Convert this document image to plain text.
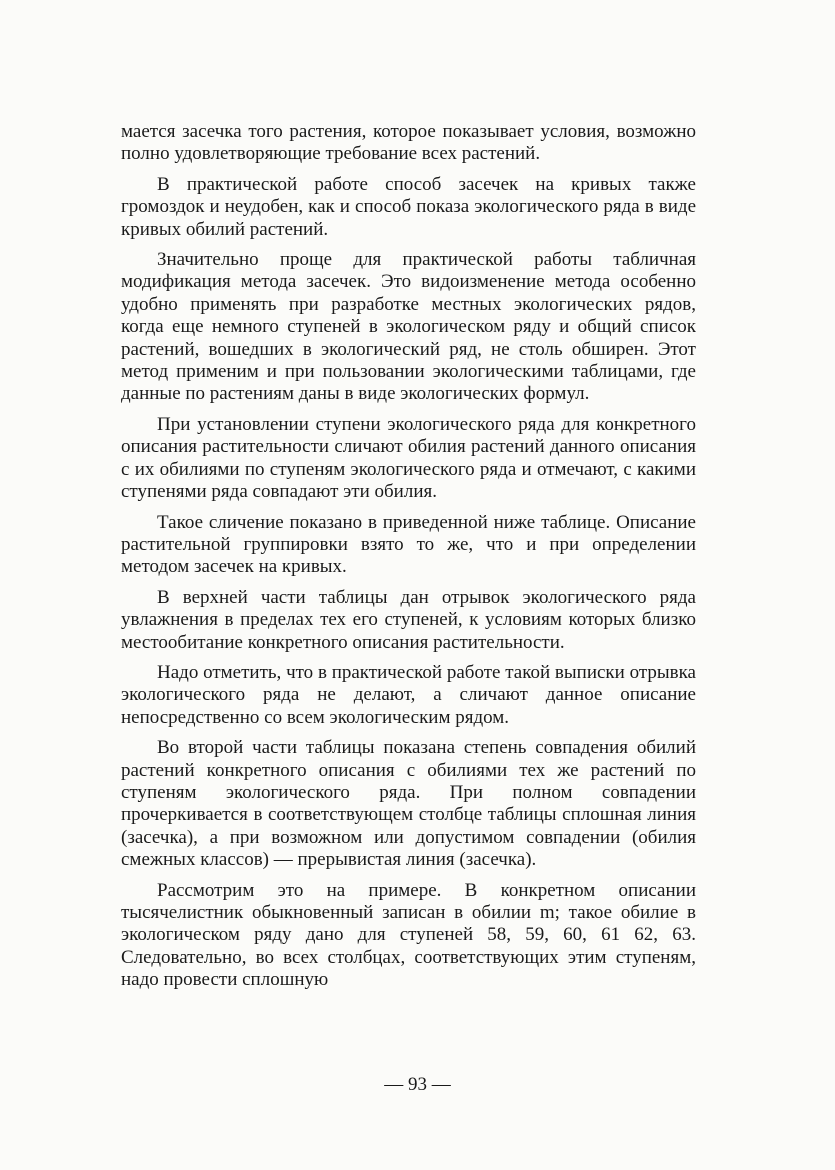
мается засечка того растения, которое показывает условия, возможно полно удовлетворяющие требование всех растений.

В практической работе способ засечек на кривых также громоздок и неудобен, как и способ показа экологического ряда в виде кривых обилий растений.

Значительно проще для практической работы табличная модификация метода засечек. Это видоизменение метода особенно удобно применять при разработке местных экологических рядов, когда еще немного ступеней в экологическом ряду и общий список растений, вошедших в экологический ряд, не столь обширен. Этот метод применим и при пользовании экологическими таблицами, где данные по растениям даны в виде экологических формул.

При установлении ступени экологического ряда для конкретного описания растительности сличают обилия растений данного описания с их обилиями по ступеням экологического ряда и отмечают, с какими ступенями ряда совпадают эти обилия.

Такое сличение показано в приведенной ниже таблице. Описание растительной группировки взято то же, что и при определении методом засечек на кривых.

В верхней части таблицы дан отрывок экологического ряда увлажнения в пределах тех его ступеней, к условиям которых близко местообитание конкретного описания растительности.

Надо отметить, что в практической работе такой выписки отрывка экологического ряда не делают, а сличают данное описание непосредственно со всем экологическим рядом.

Во второй части таблицы показана степень совпадения обилий растений конкретного описания с обилиями тех же растений по ступеням экологического ряда. При полном совпадении прочеркивается в соответствующем столбце таблицы сплошная линия (засечка), а при возможном или допустимом совпадении (обилия смежных классов) — прерывистая линия (засечка).

Рассмотрим это на примере. В конкретном описании тысячелистник обыкновенный записан в обилии m; такое обилие в экологическом ряду дано для ступеней 58, 59, 60, 61 62, 63. Следовательно, во всех столбцах, соответствующих этим ступеням, надо провести сплошную

— 93 —
